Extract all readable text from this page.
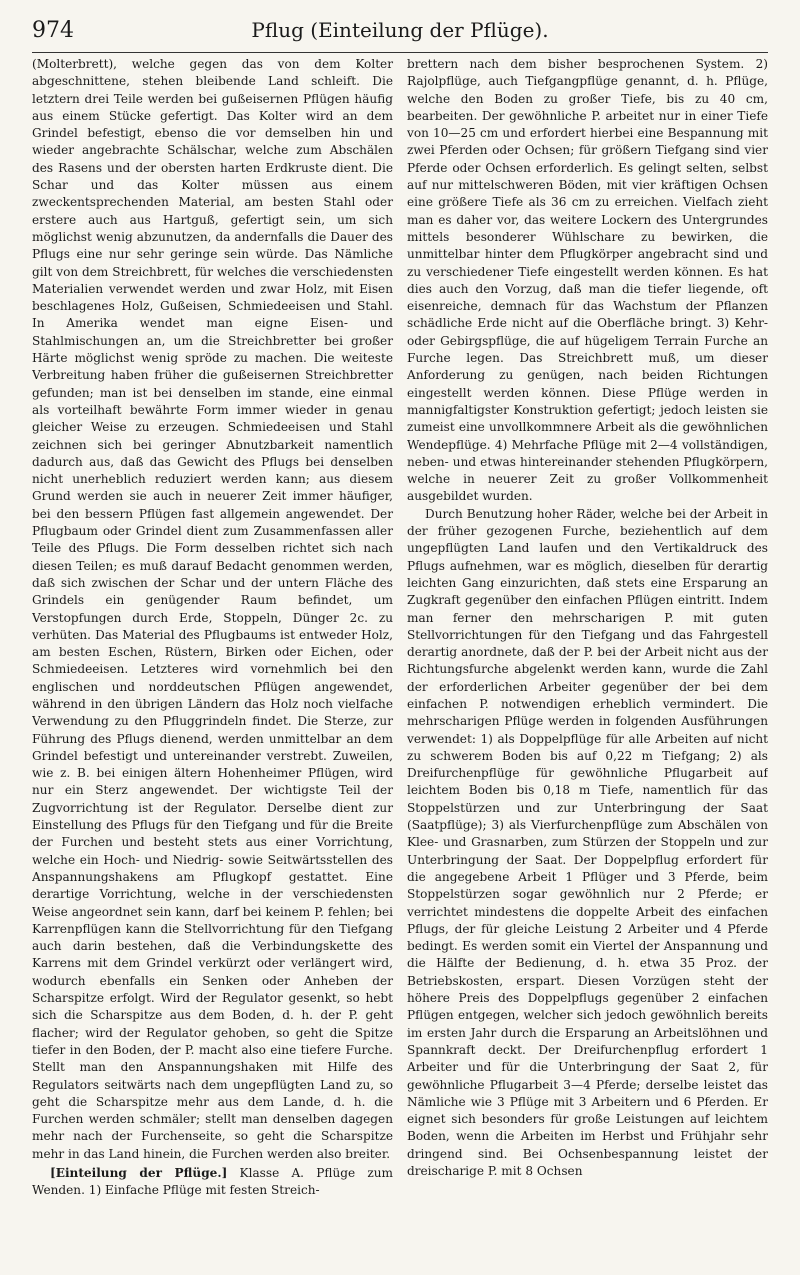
974	Pflug (Einteilung der Pflüge).

(Molterbrett), welche gegen das von dem Kolter abgeschnittene, stehen bleibende Land schleift. Die letztern drei Teile werden bei gußeisernen Pflügen häufig aus einem Stücke gefertigt. Das Kolter wird an dem Grindel befestigt, ebenso die vor demselben hin und wieder angebrachte Schälschar, welche zum Abschälen des Rasens und der obersten harten Erdkruste dient. Die Schar und das Kolter müssen aus einem zweckentsprechenden Material, am besten Stahl oder erstere auch aus Hartguß, gefertigt sein, um sich möglichst wenig abzunutzen, da andernfalls die Dauer des Pflugs eine nur sehr geringe sein würde. Das Nämliche gilt von dem Streichbrett, für welches die verschiedensten Materialien verwendet werden und zwar Holz, mit Eisen beschlagenes Holz, Gußeisen, Schmiedeeisen und Stahl. In Amerika wendet man eigne Eisen- und Stahlmischungen an, um die Streichbretter bei großer Härte möglichst wenig spröde zu machen. Die weiteste Verbreitung haben früher die gußeisernen Streichbretter gefunden; man ist bei denselben im stande, eine einmal als vorteilhaft bewährte Form immer wieder in genau gleicher Weise zu erzeugen. Schmiedeeisen und Stahl zeichnen sich bei geringer Abnutzbarkeit namentlich dadurch aus, daß das Gewicht des Pflugs bei denselben nicht unerheblich reduziert werden kann; aus diesem Grund werden sie auch in neuerer Zeit immer häufiger, bei den bessern Pflügen fast allgemein angewendet. Der Pflugbaum oder Grindel dient zum Zusammenfassen aller Teile des Pflugs. Die Form desselben richtet sich nach diesen Teilen; es muß darauf Bedacht genommen werden, daß sich zwischen der Schar und der untern Fläche des Grindels ein genügender Raum befindet, um Verstopfungen durch Erde, Stoppeln, Dünger 2c. zu verhüten. Das Material des Pflugbaums ist entweder Holz, am besten Eschen, Rüstern, Birken oder Eichen, oder Schmiedeeisen. Letzteres wird vornehmlich bei den englischen und norddeutschen Pflügen angewendet, während in den übrigen Ländern das Holz noch vielfache Verwendung zu den Pfluggrindeln findet. Die Sterze, zur Führung des Pflugs dienend, werden unmittelbar an dem Grindel befestigt und untereinander verstrebt. Zuweilen, wie z. B. bei einigen ältern Hohenheimer Pflügen, wird nur ein Sterz angewendet. Der wichtigste Teil der Zugvorrichtung ist der Regulator. Derselbe dient zur Einstellung des Pflugs für den Tiefgang und für die Breite der Furchen und besteht stets aus einer Vorrichtung, welche ein Hoch- und Niedrig- sowie Seitwärtsstellen des Anspannungshakens am Pflugkopf gestattet. Eine derartige Vorrichtung, welche in der verschiedensten Weise angeordnet sein kann, darf bei keinem P. fehlen; bei Karrenpflügen kann die Stellvorrichtung für den Tiefgang auch darin bestehen, daß die Verbindungskette des Karrens mit dem Grindel verkürzt oder verlängert wird, wodurch ebenfalls ein Senken oder Anheben der Scharspitze erfolgt. Wird der Regulator gesenkt, so hebt sich die Scharspitze aus dem Boden, d. h. der P. geht flacher; wird der Regulator gehoben, so geht die Spitze tiefer in den Boden, der P. macht also eine tiefere Furche. Stellt man den Anspannungshaken mit Hilfe des Regulators seitwärts nach dem ungepflügten Land zu, so geht die Scharspitze mehr aus dem Lande, d. h. die Furchen werden schmäler; stellt man denselben dagegen mehr nach der Furchenseite, so geht die Scharspitze mehr in das Land hinein, die Furchen werden also breiter.

[Einteilung der Pflüge.] Klasse A. Pflüge zum Wenden. 1) Einfache Pflüge mit festen Streich-

brettern nach dem bisher besprochenen System. 2) Rajolpflüge, auch Tiefgangpflüge genannt, d. h. Pflüge, welche den Boden zu großer Tiefe, bis zu 40 cm, bearbeiten. Der gewöhnliche P. arbeitet nur in einer Tiefe von 10—25 cm und erfordert hierbei eine Bespannung mit zwei Pferden oder Ochsen; für größern Tiefgang sind vier Pferde oder Ochsen erforderlich. Es gelingt selten, selbst auf nur mittelschweren Böden, mit vier kräftigen Ochsen eine größere Tiefe als 36 cm zu erreichen. Vielfach zieht man es daher vor, das weitere Lockern des Untergrundes mittels besonderer Wühlschare zu bewirken, die unmittelbar hinter dem Pflugkörper angebracht sind und zu verschiedener Tiefe eingestellt werden können. Es hat dies auch den Vorzug, daß man die tiefer liegende, oft eisenreiche, demnach für das Wachstum der Pflanzen schädliche Erde nicht auf die Oberfläche bringt. 3) Kehr- oder Gebirgspflüge, die auf hügeligem Terrain Furche an Furche legen. Das Streichbrett muß, um dieser Anforderung zu genügen, nach beiden Richtungen eingestellt werden können. Diese Pflüge werden in mannigfaltigster Konstruktion gefertigt; jedoch leisten sie zumeist eine unvollkommnere Arbeit als die gewöhnlichen Wendepflüge. 4) Mehrfache Pflüge mit 2—4 vollständigen, neben- und etwas hintereinander stehenden Pflugkörpern, welche in neuerer Zeit zu großer Vollkommenheit ausgebildet wurden.

Durch Benutzung hoher Räder, welche bei der Arbeit in der früher gezogenen Furche, beziehentlich auf dem ungepflügten Land laufen und den Vertikaldruck des Pflugs aufnehmen, war es möglich, dieselben für derartig leichten Gang einzurichten, daß stets eine Ersparung an Zugkraft gegenüber den einfachen Pflügen eintritt. Indem man ferner den mehrscharigen P. mit guten Stellvorrichtungen für den Tiefgang und das Fahrgestell derartig anordnete, daß der P. bei der Arbeit nicht aus der Richtungsfurche abgelenkt werden kann, wurde die Zahl der erforderlichen Arbeiter gegenüber der bei dem einfachen P. notwendigen erheblich vermindert. Die mehrscharigen Pflüge werden in folgenden Ausführungen verwendet: 1) als Doppelpflüge für alle Arbeiten auf nicht zu schwerem Boden bis auf 0,22 m Tiefgang; 2) als Dreifurchenpflüge für gewöhnliche Pflugarbeit auf leichtem Boden bis 0,18 m Tiefe, namentlich für das Stoppelstürzen und zur Unterbringung der Saat (Saatpflüge); 3) als Vierfurchenpflüge zum Abschälen von Klee- und Grasnarben, zum Stürzen der Stoppeln und zur Unterbringung der Saat. Der Doppelpflug erfordert für die angegebene Arbeit 1 Pflüger und 3 Pferde, beim Stoppelstürzen sogar gewöhnlich nur 2 Pferde; er verrichtet mindestens die doppelte Arbeit des einfachen Pflugs, der für gleiche Leistung 2 Arbeiter und 4 Pferde bedingt. Es werden somit ein Viertel der Anspannung und die Hälfte der Bedienung, d. h. etwa 35 Proz. der Betriebskosten, erspart. Diesen Vorzügen steht der höhere Preis des Doppelpflugs gegenüber 2 einfachen Pflügen entgegen, welcher sich jedoch gewöhnlich bereits im ersten Jahr durch die Ersparung an Arbeitslöhnen und Spannkraft deckt. Der Dreifurchenpflug erfordert 1 Arbeiter und für die Unterbringung der Saat 2, für gewöhnliche Pflugarbeit 3—4 Pferde; derselbe leistet das Nämliche wie 3 Pflüge mit 3 Arbeitern und 6 Pferden. Er eignet sich besonders für große Leistungen auf leichtem Boden, wenn die Arbeiten im Herbst und Frühjahr sehr dringend sind. Bei Ochsenbespannung leistet der dreischarige P. mit 8 Ochsen
